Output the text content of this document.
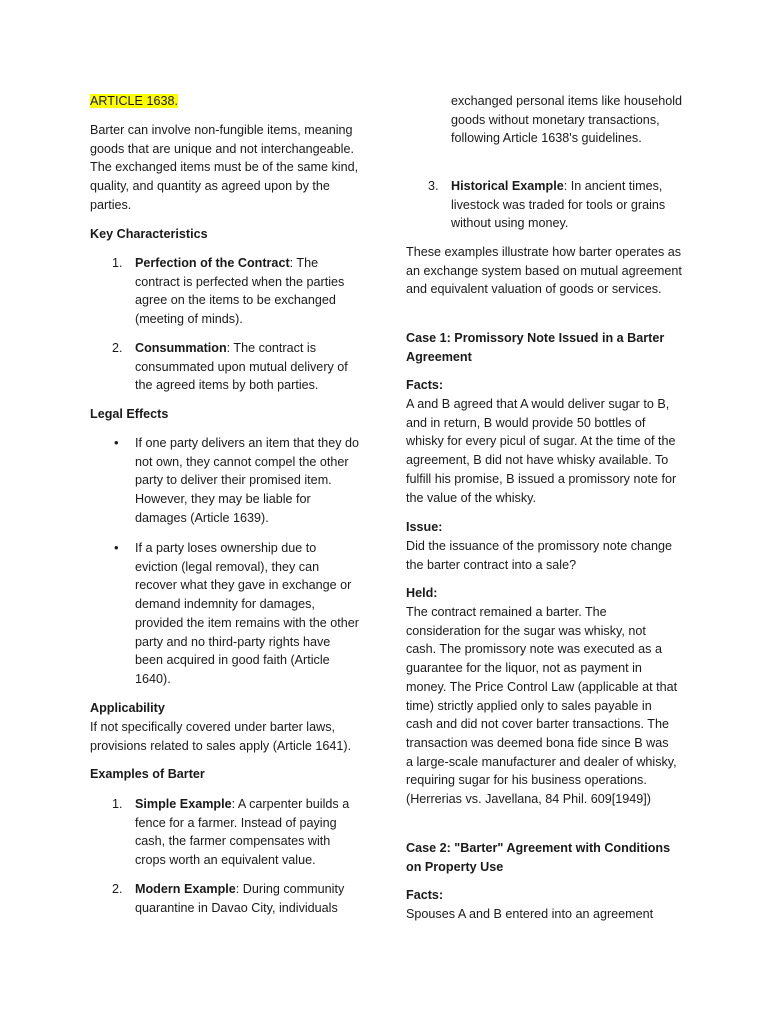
ARTICLE 1638.

Barter can involve non-fungible items, meaning goods that are unique and not interchangeable. The exchanged items must be of the same kind, quality, and quantity as agreed upon by the parties.

Key Characteristics

1. Perfection of the Contract: The contract is perfected when the parties agree on the items to be exchanged (meeting of minds).
2. Consummation: The contract is consummated upon mutual delivery of the agreed items by both parties.

Legal Effects

• If one party delivers an item that they do not own, they cannot compel the other party to deliver their promised item. However, they may be liable for damages (Article 1639).
• If a party loses ownership due to eviction (legal removal), they can recover what they gave in exchange or demand indemnity for damages, provided the item remains with the other party and no third-party rights have been acquired in good faith (Article 1640).

Applicability

If not specifically covered under barter laws, provisions related to sales apply (Article 1641).

Examples of Barter

1. Simple Example: A carpenter builds a fence for a farmer. Instead of paying cash, the farmer compensates with crops worth an equivalent value.
2. Modern Example: During community quarantine in Davao City, individuals
exchanged personal items like household goods without monetary transactions, following Article 1638's guidelines.
3. Historical Example: In ancient times, livestock was traded for tools or grains without using money.

These examples illustrate how barter operates as an exchange system based on mutual agreement and equivalent valuation of goods or services.

Case 1: Promissory Note Issued in a Barter Agreement

Facts:

A and B agreed that A would deliver sugar to B, and in return, B would provide 50 bottles of whisky for every picul of sugar. At the time of the agreement, B did not have whisky available. To fulfill his promise, B issued a promissory note for the value of the whisky.

Issue:

Did the issuance of the promissory note change the barter contract into a sale?

Held:

The contract remained a barter. The consideration for the sugar was whisky, not cash. The promissory note was executed as a guarantee for the liquor, not as payment in money. The Price Control Law (applicable at that time) strictly applied only to sales payable in cash and did not cover barter transactions. The transaction was deemed bona fide since B was a large-scale manufacturer and dealer of whisky, requiring sugar for his business operations. (Herrerias vs. Javellana, 84 Phil. 609[1949])

Case 2: "Barter" Agreement with Conditions on Property Use

Facts:

Spouses A and B entered into an agreement
